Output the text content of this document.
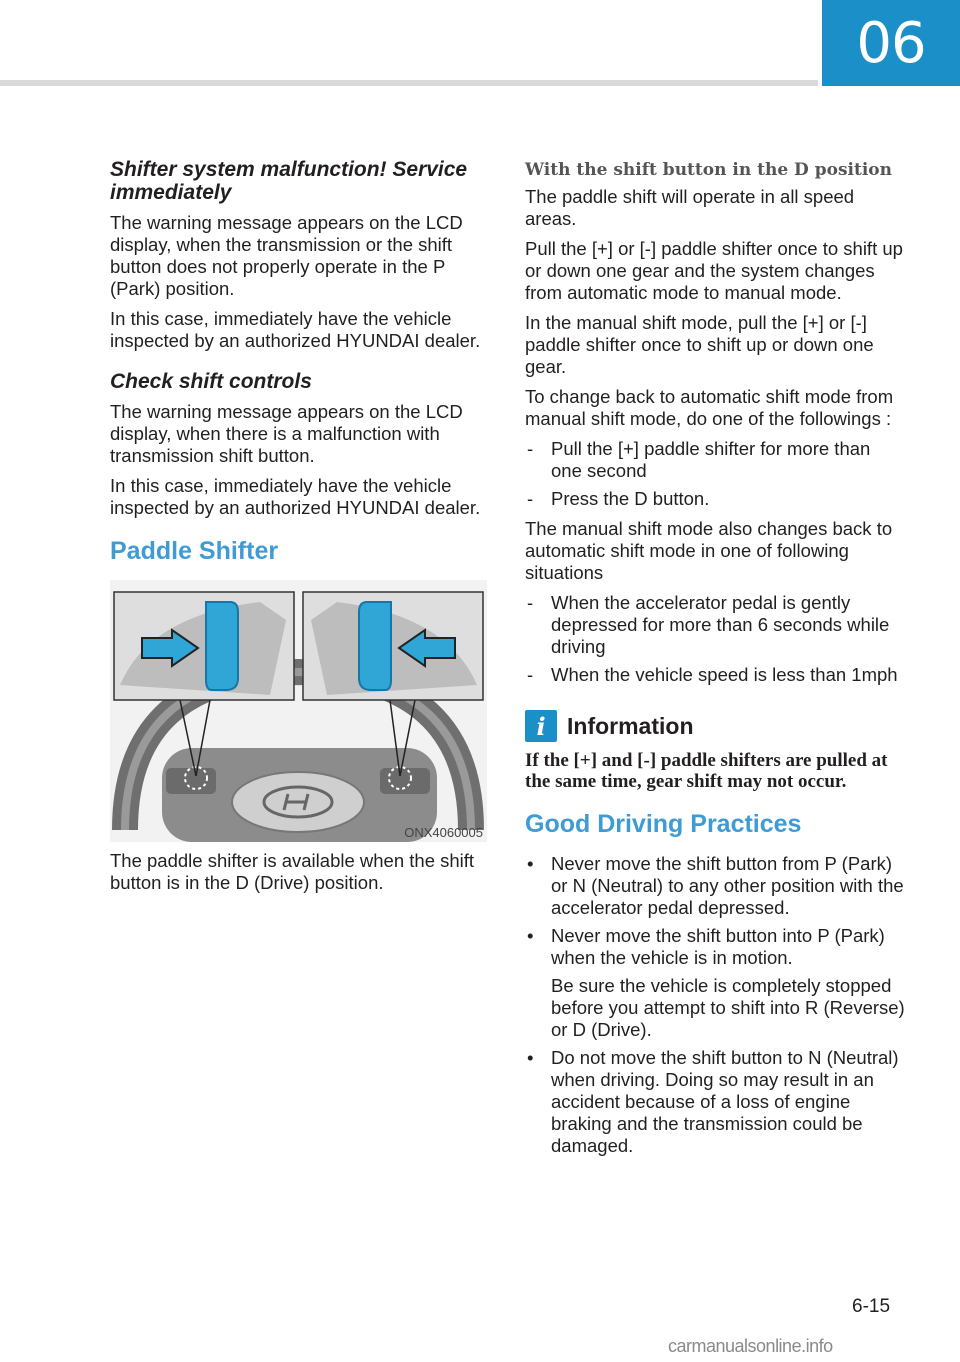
06
Shifter system malfunction! Service immediately

The warning message appears on the LCD display, when the transmission or the shift button does not properly operate in the P (Park) position.

In this case, immediately have the vehicle inspected by an authorized HYUNDAI dealer.

Check shift controls

The warning message appears on the LCD display, when there is a malfunction with transmission shift button.

In this case, immediately have the vehicle inspected by an authorized HYUNDAI dealer.

Paddle Shifter
ONX4060005

The paddle shifter is available when the shift button is in the D (Drive) position.

With the shift button in the D position

The paddle shift will operate in all speed areas.

Pull the [+] or [-] paddle shifter once to shift up or down one gear and the system changes from automatic mode to manual mode.

In the manual shift mode, pull the [+] or [-] paddle shifter once to shift up or down one gear.

To change back to automatic shift mode from manual shift mode, do one of the followings :

- Pull the [+] paddle shifter for more than one second
- Press the D button.

The manual shift mode also changes back to automatic shift mode in one of following situations

- When the accelerator pedal is gently depressed for more than 6 seconds while driving
- When the vehicle speed is less than 1mph
i Information

If the [+] and [-] paddle shifters are pulled at the same time, gear shift may not occur.

Good Driving Practices
• Never move the shift button from P (Park) or N (Neutral) to any other position with the accelerator pedal depressed.
• Never move the shift button into P (Park) when the vehicle is in motion.

Be sure the vehicle is completely stopped before you attempt to shift into R (Reverse) or D (Drive).

• Do not move the shift button to N (Neutral) when driving. Doing so may result in an accident because of a loss of engine braking and the transmission could be damaged.
6-15
carmanualsonline.info
